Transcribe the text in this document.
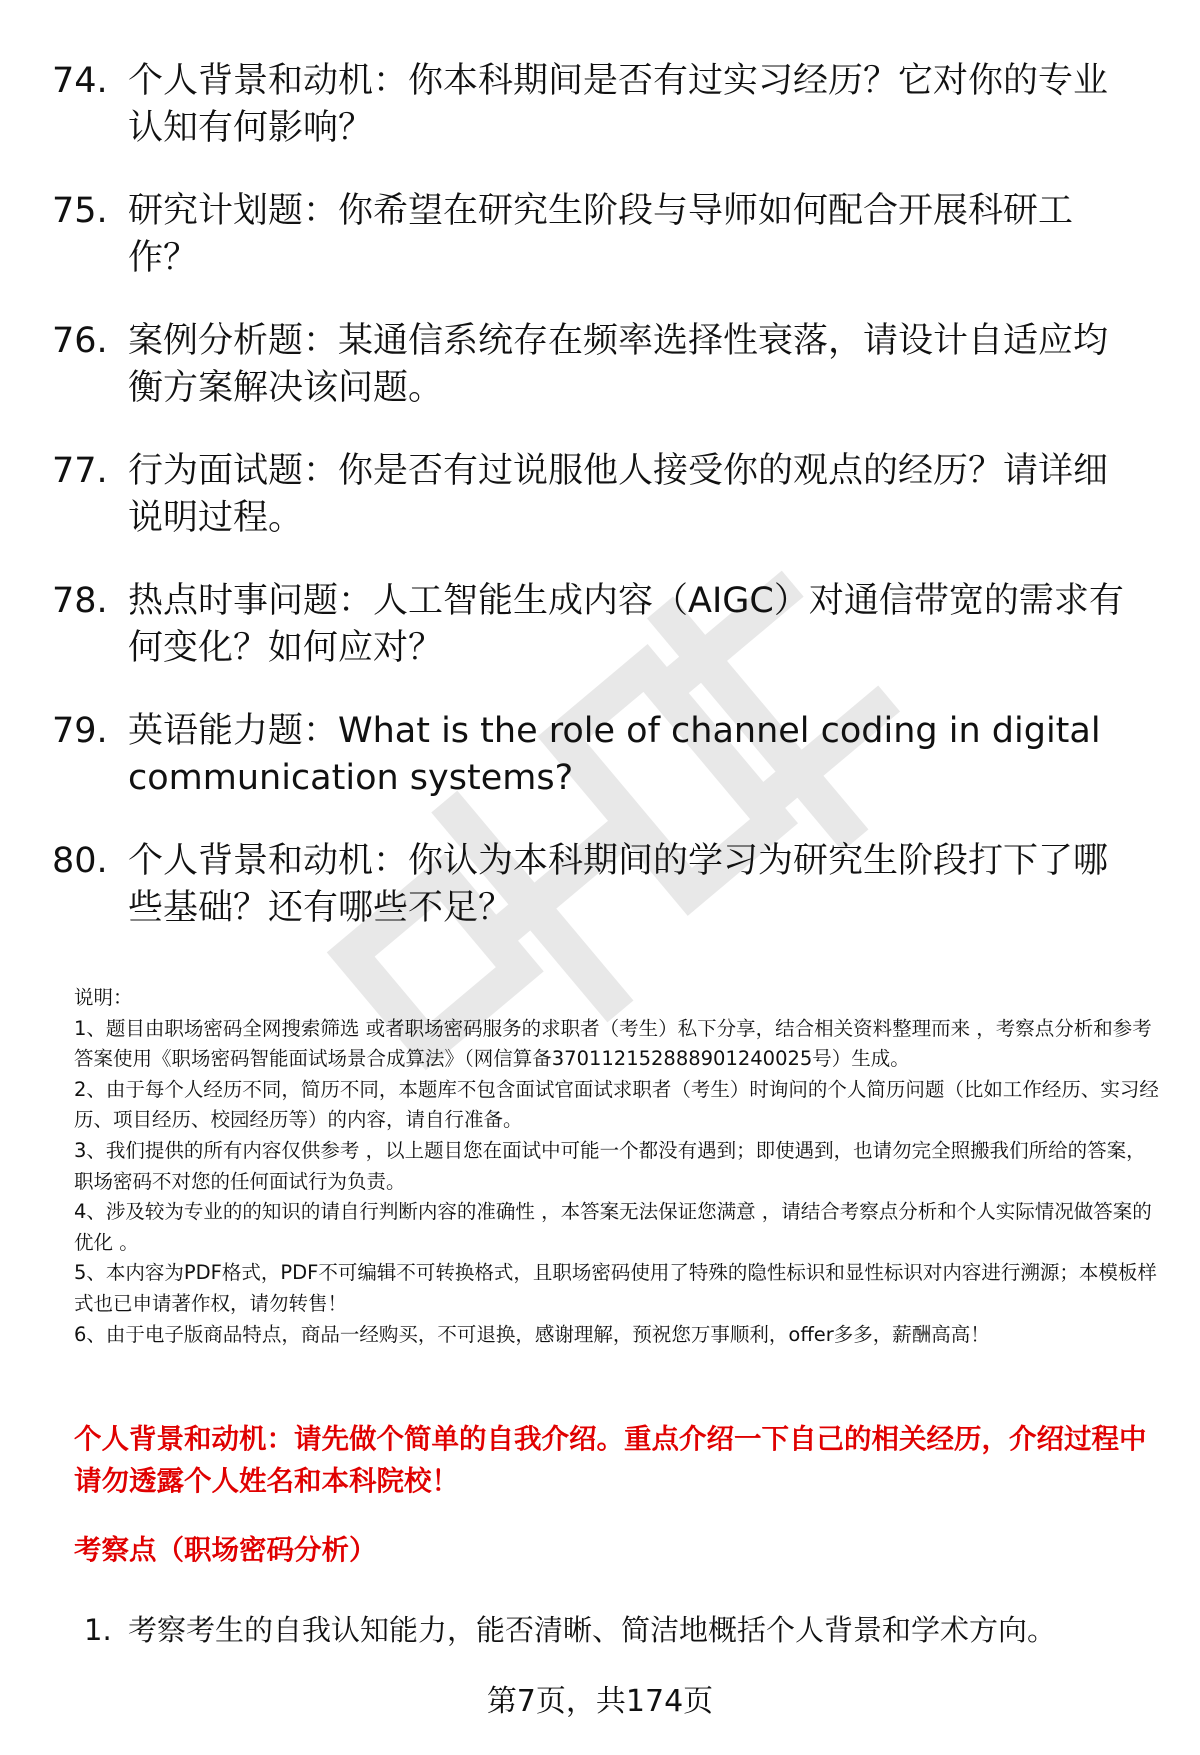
74. 个人背景和动机：你本科期间是否有过实习经历？它对你的专业认知有何影响？
75. 研究计划题：你希望在研究生阶段与导师如何配合开展科研工作？
76. 案例分析题：某通信系统存在频率选择性衰落，请设计自适应均衡方案解决该问题。
77. 行为面试题：你是否有过说服他人接受你的观点的经历？请详细说明过程。
78. 热点时事问题：人工智能生成内容（AIGC）对通信带宽的需求有何变化？如何应对？
79. 英语能力题：What is the role of channel coding in digital communication systems?
80. 个人背景和动机：你认为本科期间的学习为研究生阶段打下了哪些基础？还有哪些不足？

说明：

1、题目由职场密码全网搜索筛选 或者职场密码服务的求职者（考生）私下分享，结合相关资料整理而来 ，考察点分析和参考答案使用《职场密码智能面试场景合成算法》（网信算备370112152888901240025号）生成。

2、由于每个人经历不同，简历不同，本题库不包含面试官面试求职者（考生）时询问的个人简历问题（比如工作经历、实习经历、项目经历、校园经历等）的内容，请自行准备。

3、我们提供的所有内容仅供参考 ，以上题目您在面试中可能一个都没有遇到；即使遇到，也请勿完全照搬我们所给的答案，职场密码不对您的任何面试行为负责。

4、涉及较为专业的的知识的请自行判断内容的准确性 ，本答案无法保证您满意 ，请结合考察点分析和个人实际情况做答案的优化 。

5、本内容为PDF格式，PDF不可编辑不可转换格式，且职场密码使用了特殊的隐性标识和显性标识对内容进行溯源；本模板样式也已申请著作权，请勿转售！

6、由于电子版商品特点，商品一经购买，不可退换，感谢理解，预祝您万事顺利，offer多多，薪酬高高！

个人背景和动机：请先做个简单的自我介绍。重点介绍一下自己的相关经历，介绍过程中请勿透露个人姓名和本科院校！
考察点（职场密码分析）
1. 考察考生的自我认知能力，能否清晰、简洁地概括个人背景和学术方向。
第7页，共174页
